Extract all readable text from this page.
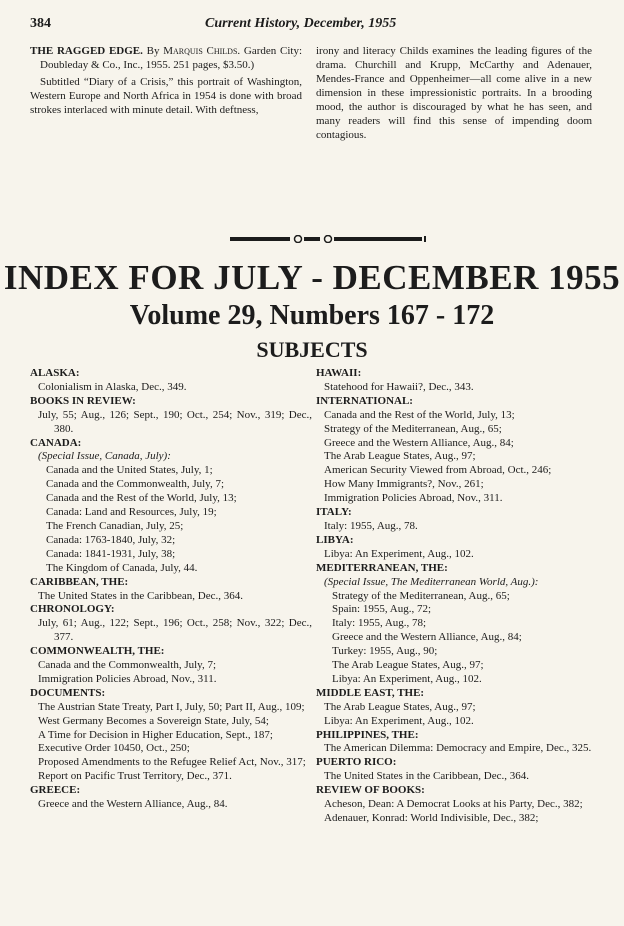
384	Current History, December, 1955
THE RAGGED EDGE. By Marquis Childs. Garden City: Doubleday & Co., Inc., 1955. 251 pages, $3.50.)
Subtitled “Diary of a Crisis,” this portrait of Washington, Western Europe and North Africa in 1954 is done with broad strokes interlaced with minute detail. With deftness,
irony and literacy Childs examines the leading figures of the drama. Churchill and Krupp, McCarthy and Adenauer, Mendes-France and Oppenheimer—all come alive in a new dimension in these impressionistic portraits. In a brooding mood, the author is discouraged by what he has seen, and many readers will find this sense of impending doom contagious.
INDEX FOR JULY - DECEMBER 1955
Volume 29, Numbers 167 - 172
SUBJECTS
ALASKA:
Colonialism in Alaska, Dec., 349.
BOOKS IN REVIEW:
July, 55; Aug., 126; Sept., 190; Oct., 254; Nov., 319; Dec., 380.
CANADA:
(Special Issue, Canada, July):
Canada and the United States, July, 1;
Canada and the Commonwealth, July, 7;
Canada and the Rest of the World, July, 13;
Canada: Land and Resources, July, 19;
The French Canadian, July, 25;
Canada: 1763-1840, July, 32;
Canada: 1841-1931, July, 38;
The Kingdom of Canada, July, 44.
CARIBBEAN, THE:
The United States in the Caribbean, Dec., 364.
CHRONOLOGY:
July, 61; Aug., 122; Sept., 196; Oct., 258; Nov., 322; Dec., 377.
COMMONWEALTH, THE:
Canada and the Commonwealth, July, 7;
Immigration Policies Abroad, Nov., 311.
DOCUMENTS:
The Austrian State Treaty, Part I, July, 50; Part II, Aug., 109;
West Germany Becomes a Sovereign State, July, 54;
A Time for Decision in Higher Education, Sept., 187;
Executive Order 10450, Oct., 250;
Proposed Amendments to the Refugee Relief Act, Nov., 317;
Report on Pacific Trust Territory, Dec., 371.
GREECE:
Greece and the Western Alliance, Aug., 84.
HAWAII:
Statehood for Hawaii?, Dec., 343.
INTERNATIONAL:
Canada and the Rest of the World, July, 13;
Strategy of the Mediterranean, Aug., 65;
Greece and the Western Alliance, Aug., 84;
The Arab League States, Aug., 97;
American Security Viewed from Abroad, Oct., 246;
How Many Immigrants?, Nov., 261;
Immigration Policies Abroad, Nov., 311.
ITALY:
Italy: 1955, Aug., 78.
LIBYA:
Libya: An Experiment, Aug., 102.
MEDITERRANEAN, THE:
(Special Issue, The Mediterranean World, Aug.):
Strategy of the Mediterranean, Aug., 65;
Spain: 1955, Aug., 72;
Italy: 1955, Aug., 78;
Greece and the Western Alliance, Aug., 84;
Turkey: 1955, Aug., 90;
The Arab League States, Aug., 97;
Libya: An Experiment, Aug., 102.
MIDDLE EAST, THE:
The Arab League States, Aug., 97;
Libya: An Experiment, Aug., 102.
PHILIPPINES, THE:
The American Dilemma: Democracy and Empire, Dec., 325.
PUERTO RICO:
The United States in the Caribbean, Dec., 364.
REVIEW OF BOOKS:
Acheson, Dean: A Democrat Looks at his Party, Dec., 382;
Adenauer, Konrad: World Indivisible, Dec., 382;
